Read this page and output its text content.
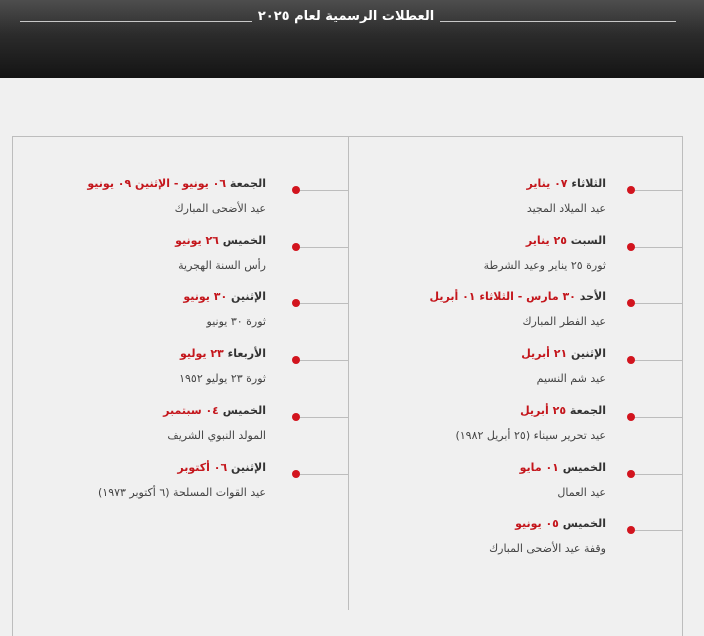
العطلات الرسمية لعام ٢٠٢٥
الثلاثاء ٠٧ يناير
عيد الميلاد المجيد
السبت ٢٥ يناير
ثورة ٢٥ يناير وعيد الشرطة
الأحد ٣٠ مارس - الثلاثاء ٠١ أبريل
عيد الفطر المبارك
الإثنين ٢١ أبريل
عيد شم النسيم
الجمعة ٢٥ أبريل
عيد تحرير سيناء (٢٥ أبريل ١٩٨٢)
الخميس ٠١ مايو
عيد العمال
الخميس ٠٥ يونيو
وقفة عيد الأضحى المبارك
الجمعة ٠٦ يونيو - الإثنين ٠٩ يونيو
عيد الأضحى المبارك
الخميس ٢٦ يونيو
رأس السنة الهجرية
الإثنين ٣٠ يونيو
ثورة ٣٠ يونيو
الأربعاء ٢٣ يوليو
ثورة ٢٣ يوليو ١٩٥٢
الخميس ٠٤ سبتمبر
المولد النبوي الشريف
الإثنين ٠٦ أكتوبر
عيد القوات المسلحة (٦ أكتوبر ١٩٧٣)
